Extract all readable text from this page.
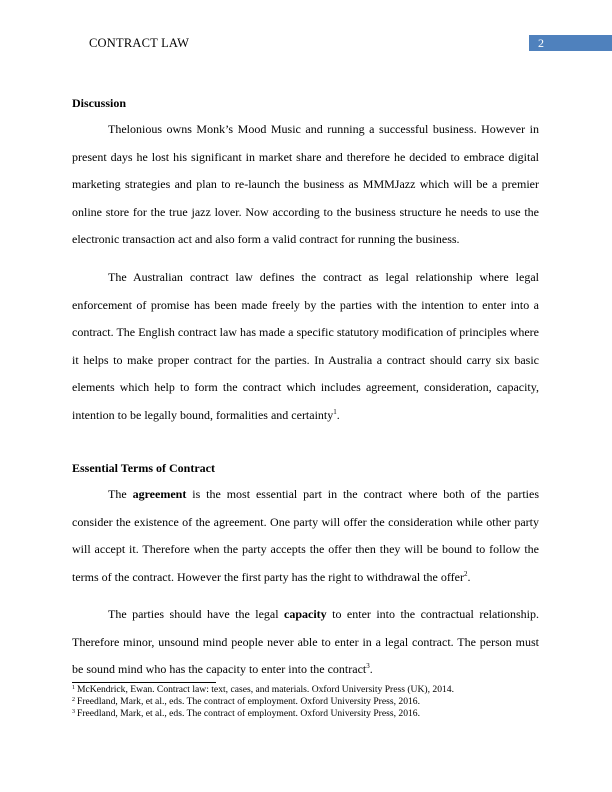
CONTRACT LAW	2
Discussion

Thelonious owns Monk’s Mood Music and running a successful business. However in present days he lost his significant in market share and therefore he decided to embrace digital marketing strategies and plan to re-launch the business as MMMJazz which will be a premier online store for the true jazz lover. Now according to the business structure he needs to use the electronic transaction act and also form a valid contract for running the business.

The Australian contract law defines the contract as legal relationship where legal enforcement of promise has been made freely by the parties with the intention to enter into a contract. The English contract law has made a specific statutory modification of principles where it helps to make proper contract for the parties. In Australia a contract should carry six basic elements which help to form the contract which includes agreement, consideration, capacity, intention to be legally bound, formalities and certainty$^1$.

Essential Terms of Contract

The agreement is the most essential part in the contract where both of the parties consider the existence of the agreement. One party will offer the consideration while other party will accept it. Therefore when the party accepts the offer then they will be bound to follow the terms of the contract. However the first party has the right to withdrawal the offer$^2$.

The parties should have the legal capacity to enter into the contractual relationship. Therefore minor, unsound mind people never able to enter in a legal contract. The person must be sound mind who has the capacity to enter into the contract$^3$.

$^1$ McKendrick, Ewan. Contract law: text, cases, and materials. Oxford University Press (UK), 2014.
$^2$ Freedland, Mark, et al., eds. The contract of employment. Oxford University Press, 2016.
$^3$ Freedland, Mark, et al., eds. The contract of employment. Oxford University Press, 2016.
